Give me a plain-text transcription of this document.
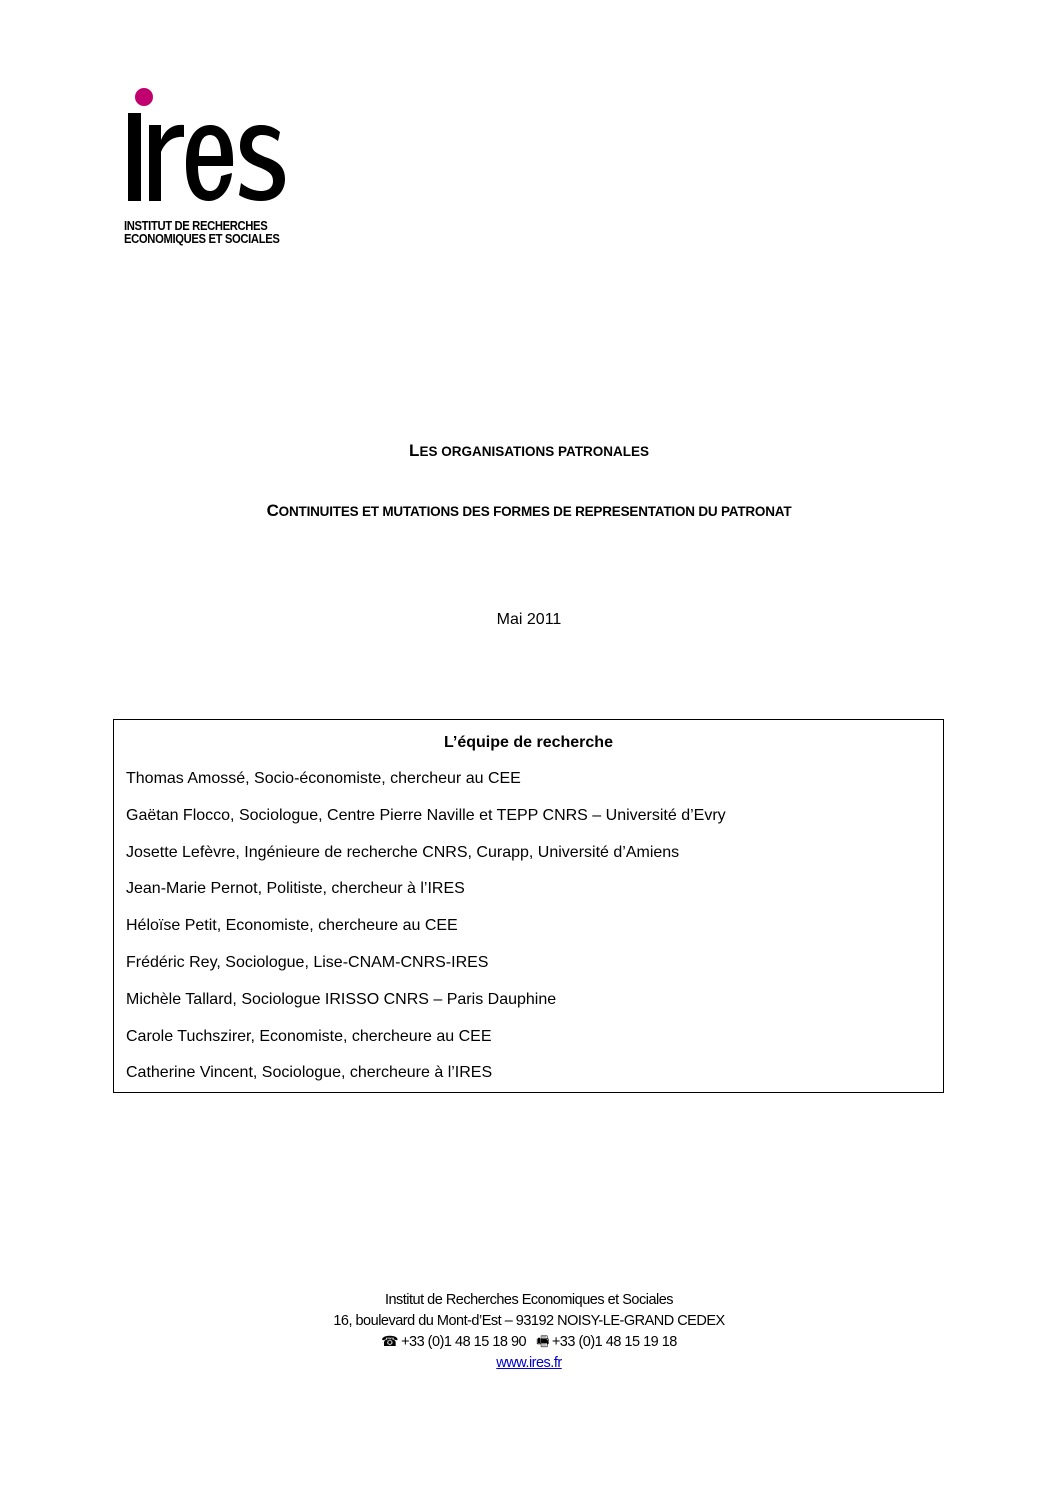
INSTITUT DE RECHERCHES
ECONOMIQUES ET SOCIALES
LES ORGANISATIONS PATRONALES
CONTINUITES ET MUTATIONS DES FORMES DE REPRESENTATION DU PATRONAT
Mai 2011
L’équipe de recherche
Thomas Amossé, Socio-économiste, chercheur au CEE
Gaëtan Flocco, Sociologue, Centre Pierre Naville et TEPP CNRS – Université d’Evry
Josette Lefèvre, Ingénieure de recherche CNRS, Curapp, Université d’Amiens
Jean-Marie Pernot, Politiste, chercheur à l’IRES
Héloïse Petit, Economiste, chercheure au CEE
Frédéric Rey, Sociologue, Lise-CNAM-CNRS-IRES
Michèle Tallard, Sociologue IRISSO CNRS – Paris Dauphine
Carole Tuchszirer, Economiste, chercheure au CEE
Catherine Vincent, Sociologue, chercheure à l’IRES
Institut de Recherches Economiques et Sociales
16, boulevard du Mont-d’Est – 93192 NOISY-LE-GRAND CEDEX
☎ +33 (0)1 48 15 18 90 🖷 +33 (0)1 48 15 19 18
www.ires.fr
